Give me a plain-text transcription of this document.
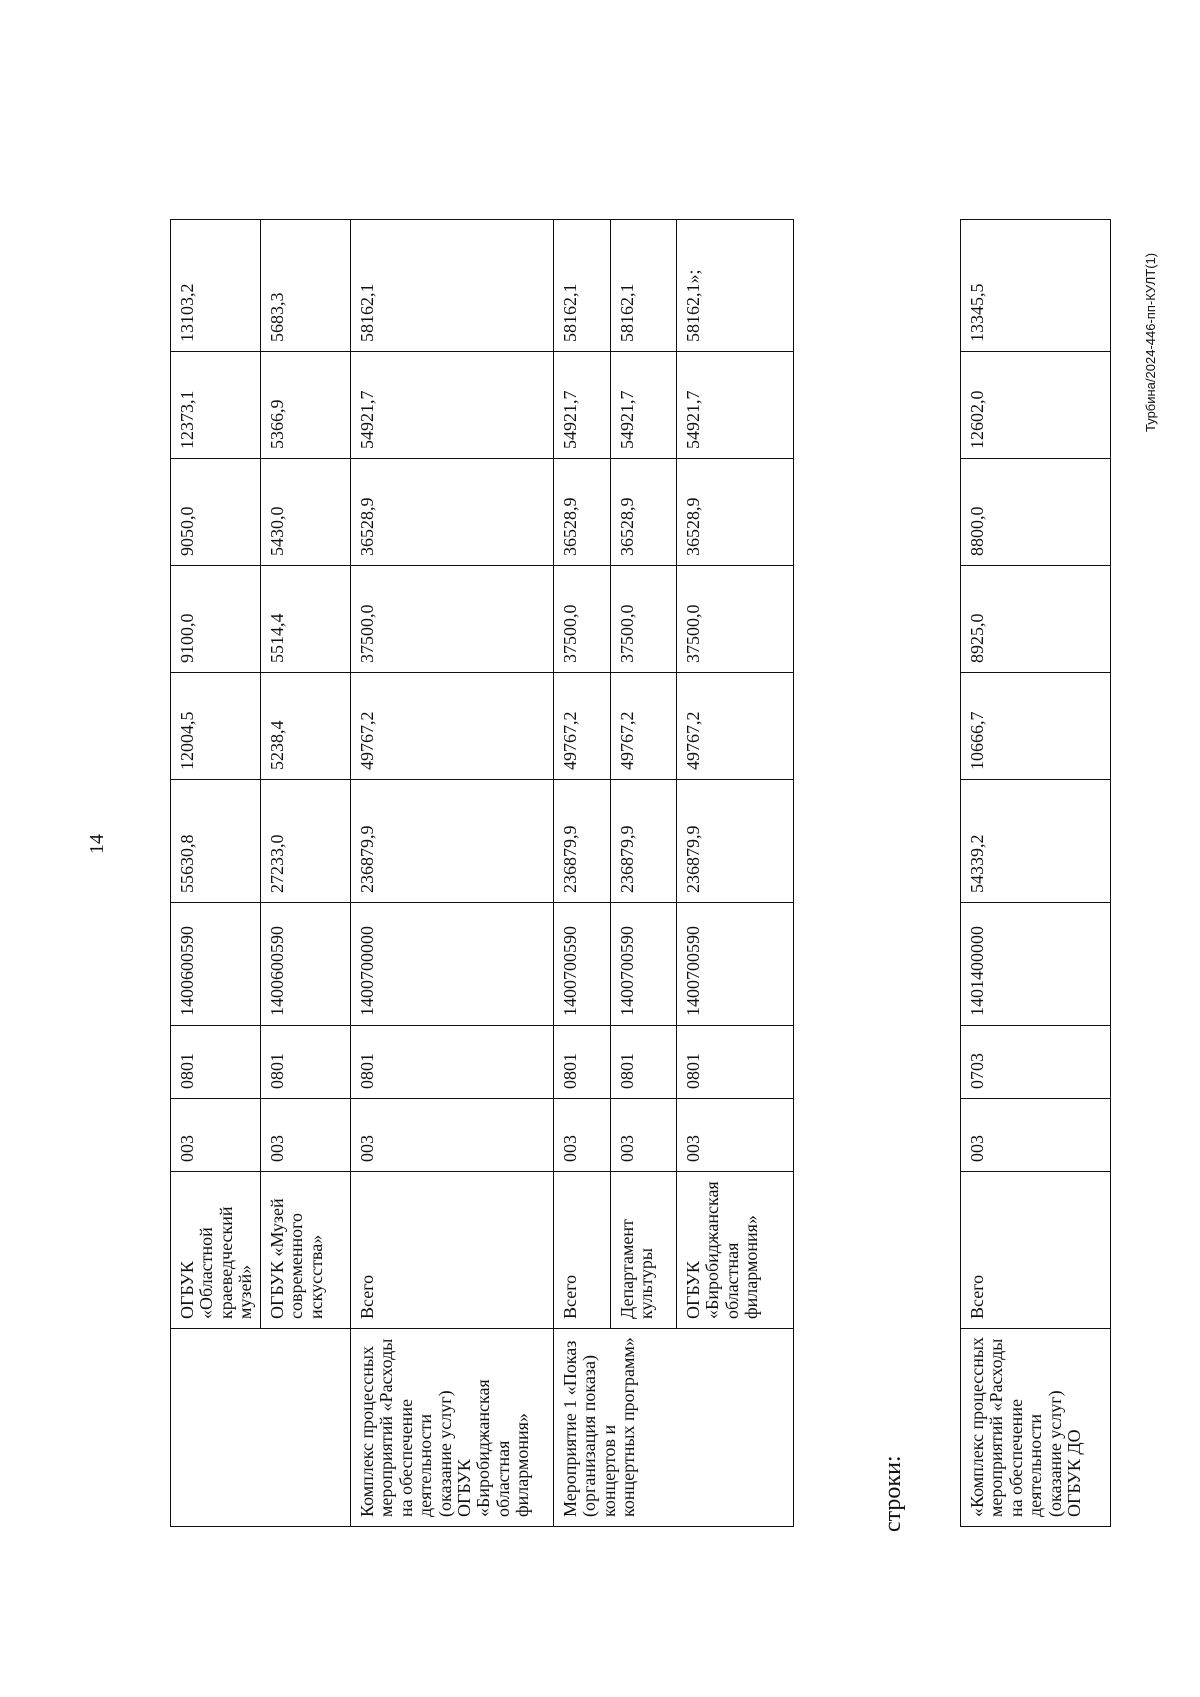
14
	ОГБУК «Областной краеведческий музей»	003	0801	1400600590	55630,8	12004,5	9100,0	9050,0	12373,1	13103,2
	ОГБУК «Музей современного искусства»	003	0801	1400600590	27233,0	5238,4	5514,4	5430,0	5366,9	5683,3
Комплекс процессных мероприятий «Расходы на обеспечение деятельности (оказание услуг) ОГБУК «Биробиджанская областная филармония»	Всего	003	0801	1400700000	236879,9	49767,2	37500,0	36528,9	54921,7	58162,1
Мероприятие 1 «Показ (организация показа) концертов и концертных программ»	Всего	003	0801	1400700590	236879,9	49767,2	37500,0	36528,9	54921,7	58162,1
	Департамент культуры	003	0801	1400700590	236879,9	49767,2	37500,0	36528,9	54921,7	58162,1
	ОГБУК «Биробиджанская областная филармония»	003	0801	1400700590	236879,9	49767,2	37500,0	36528,9	54921,7	58162,1»;
строки:	«Комплекс процессных мероприятий «Расходы на обеспечение деятельности (оказание услуг) ОГБУК ДО	Всего	003	0703	1401400000	54339,2	10666,7	8925,0	8800,0	12602,0	13345,5	Турбина/2024-446-пп-КУЛТ(1)
